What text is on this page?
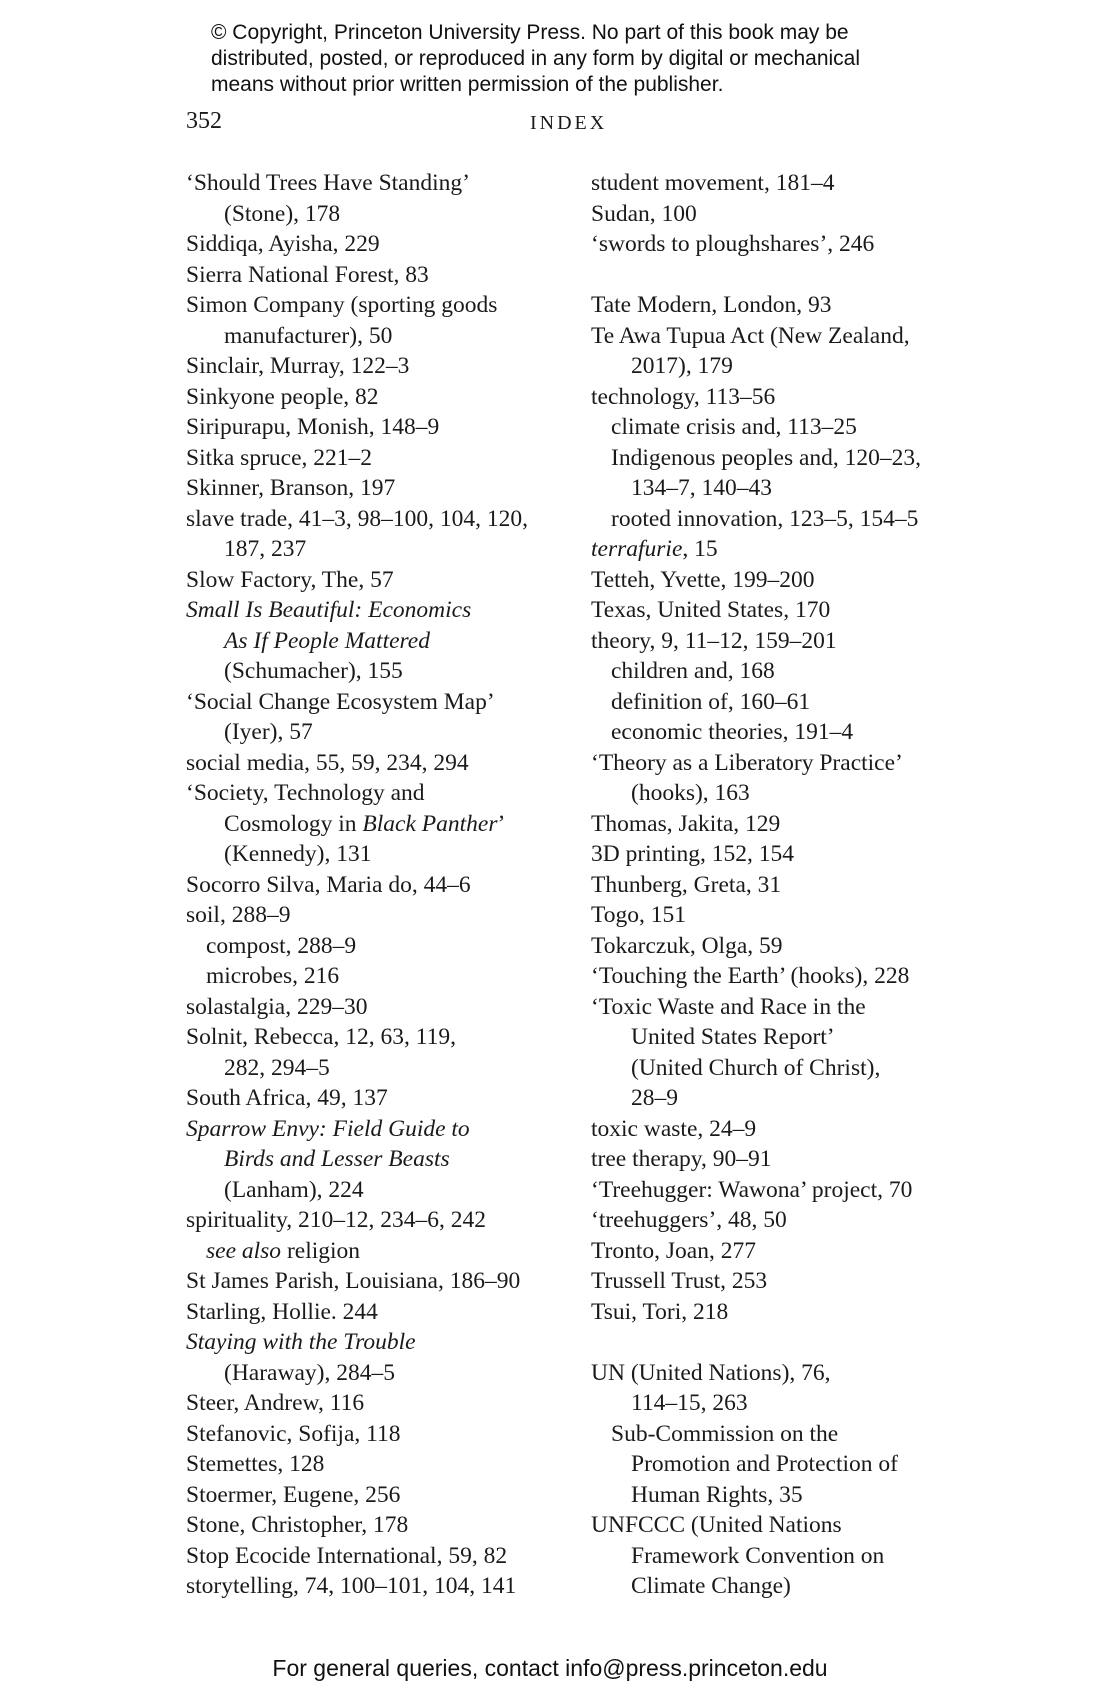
© Copyright, Princeton University Press. No part of this book may be
distributed, posted, or reproduced in any form by digital or mechanical
means without prior written permission of the publisher.
352	INDEX
‘Should Trees Have Standing’
(Stone), 178
Siddiqa, Ayisha, 229
Sierra National Forest, 83
Simon Company (sporting goods
manufacturer), 50
Sinclair, Murray, 122–3
Sinkyone people, 82
Siripurapu, Monish, 148–9
Sitka spruce, 221–2
Skinner, Branson, 197
slave trade, 41–3, 98–100, 104, 120,
187, 237
Slow Factory, The, 57
Small Is Beautiful: Economics
As If People Mattered
(Schumacher), 155
‘Social Change Ecosystem Map’
(Iyer), 57
social media, 55, 59, 234, 294
‘Society, Technology and
Cosmology in Black Panther’
(Kennedy), 131
Socorro Silva, Maria do, 44–6
soil, 288–9
compost, 288–9
microbes, 216
solastalgia, 229–30
Solnit, Rebecca, 12, 63, 119,
282, 294–5
South Africa, 49, 137
Sparrow Envy: Field Guide to
Birds and Lesser Beasts
(Lanham), 224
spirituality, 210–12, 234–6, 242
see also religion
St James Parish, Louisiana, 186–90
Starling, Hollie. 244
Staying with the Trouble
(Haraway), 284–5
Steer, Andrew, 116
Stefanovic, Sofija, 118
Stemettes, 128
Stoermer, Eugene, 256
Stone, Christopher, 178
Stop Ecocide International, 59, 82
storytelling, 74, 100–101, 104, 141
student movement, 181–4
Sudan, 100
‘swords to ploughshares’, 246
Tate Modern, London, 93
Te Awa Tupua Act (New Zealand,
2017), 179
technology, 113–56
climate crisis and, 113–25
Indigenous peoples and, 120–23,
134–7, 140–43
rooted innovation, 123–5, 154–5
terrafurie, 15
Tetteh, Yvette, 199–200
Texas, United States, 170
theory, 9, 11–12, 159–201
children and, 168
definition of, 160–61
economic theories, 191–4
‘Theory as a Liberatory Practice’
(hooks), 163
Thomas, Jakita, 129
3D printing, 152, 154
Thunberg, Greta, 31
Togo, 151
Tokarczuk, Olga, 59
‘Touching the Earth’ (hooks), 228
‘Toxic Waste and Race in the
United States Report’
(United Church of Christ),
28–9
toxic waste, 24–9
tree therapy, 90–91
‘Treehugger: Wawona’ project, 70
‘treehuggers’, 48, 50
Tronto, Joan, 277
Trussell Trust, 253
Tsui, Tori, 218
UN (United Nations), 76,
114–15, 263
Sub-Commission on the
Promotion and Protection of
Human Rights, 35
UNFCCC (United Nations
Framework Convention on
Climate Change)
For general queries, contact info@press.princeton.edu
